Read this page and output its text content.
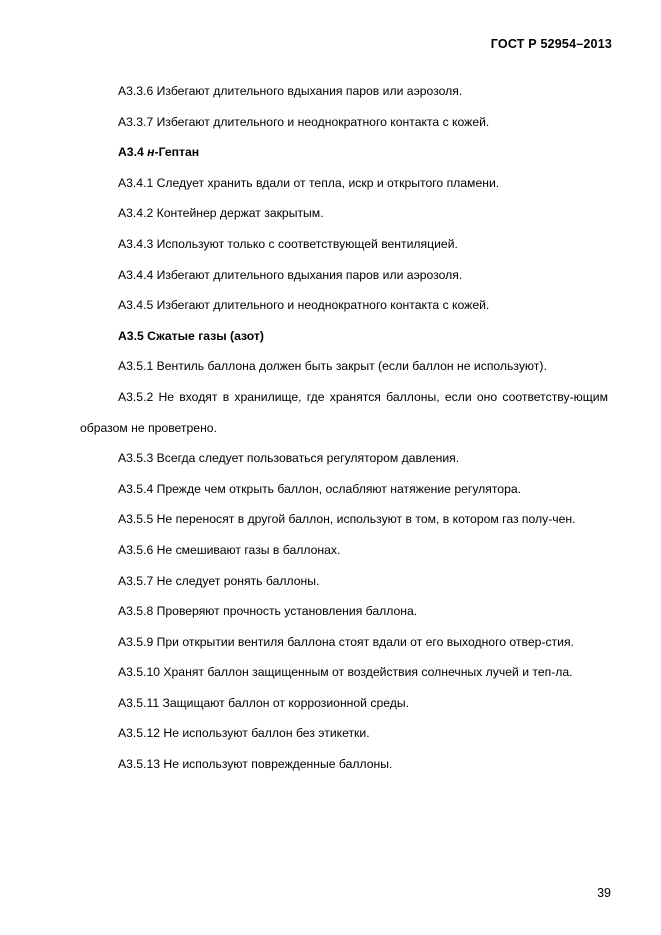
ГОСТ Р 52954–2013

А3.3.6 Избегают длительного вдыхания паров или аэрозоля.

А3.3.7 Избегают длительного и неоднократного контакта с кожей.

А3.4 н-Гептан

А3.4.1 Следует хранить вдали от тепла, искр и открытого пламени.

А3.4.2 Контейнер держат закрытым.

А3.4.3 Используют только с соответствующей вентиляцией.

А3.4.4 Избегают длительного вдыхания паров или аэрозоля.

А3.4.5 Избегают длительного и неоднократного контакта с кожей.

А3.5 Сжатые газы (азот)

А3.5.1 Вентиль баллона должен быть закрыт (если баллон не используют).

А3.5.2 Не входят в хранилище, где хранятся баллоны, если оно соответству-ющим образом не проветрено.

А3.5.3 Всегда следует пользоваться регулятором давления.

А3.5.4 Прежде чем открыть баллон, ослабляют натяжение регулятора.

А3.5.5 Не переносят в другой баллон, используют в том, в котором газ полу-чен.

А3.5.6 Не смешивают газы в баллонах.

А3.5.7 Не следует ронять баллоны.

А3.5.8 Проверяют прочность установления баллона.

А3.5.9 При открытии вентиля баллона стоят вдали от его выходного отвер-стия.

А3.5.10 Хранят баллон защищенным от воздействия солнечных лучей и теп-ла.

А3.5.11 Защищают баллон от коррозионной среды.

А3.5.12 Не используют баллон без этикетки.

А3.5.13 Не используют поврежденные баллоны.

39
